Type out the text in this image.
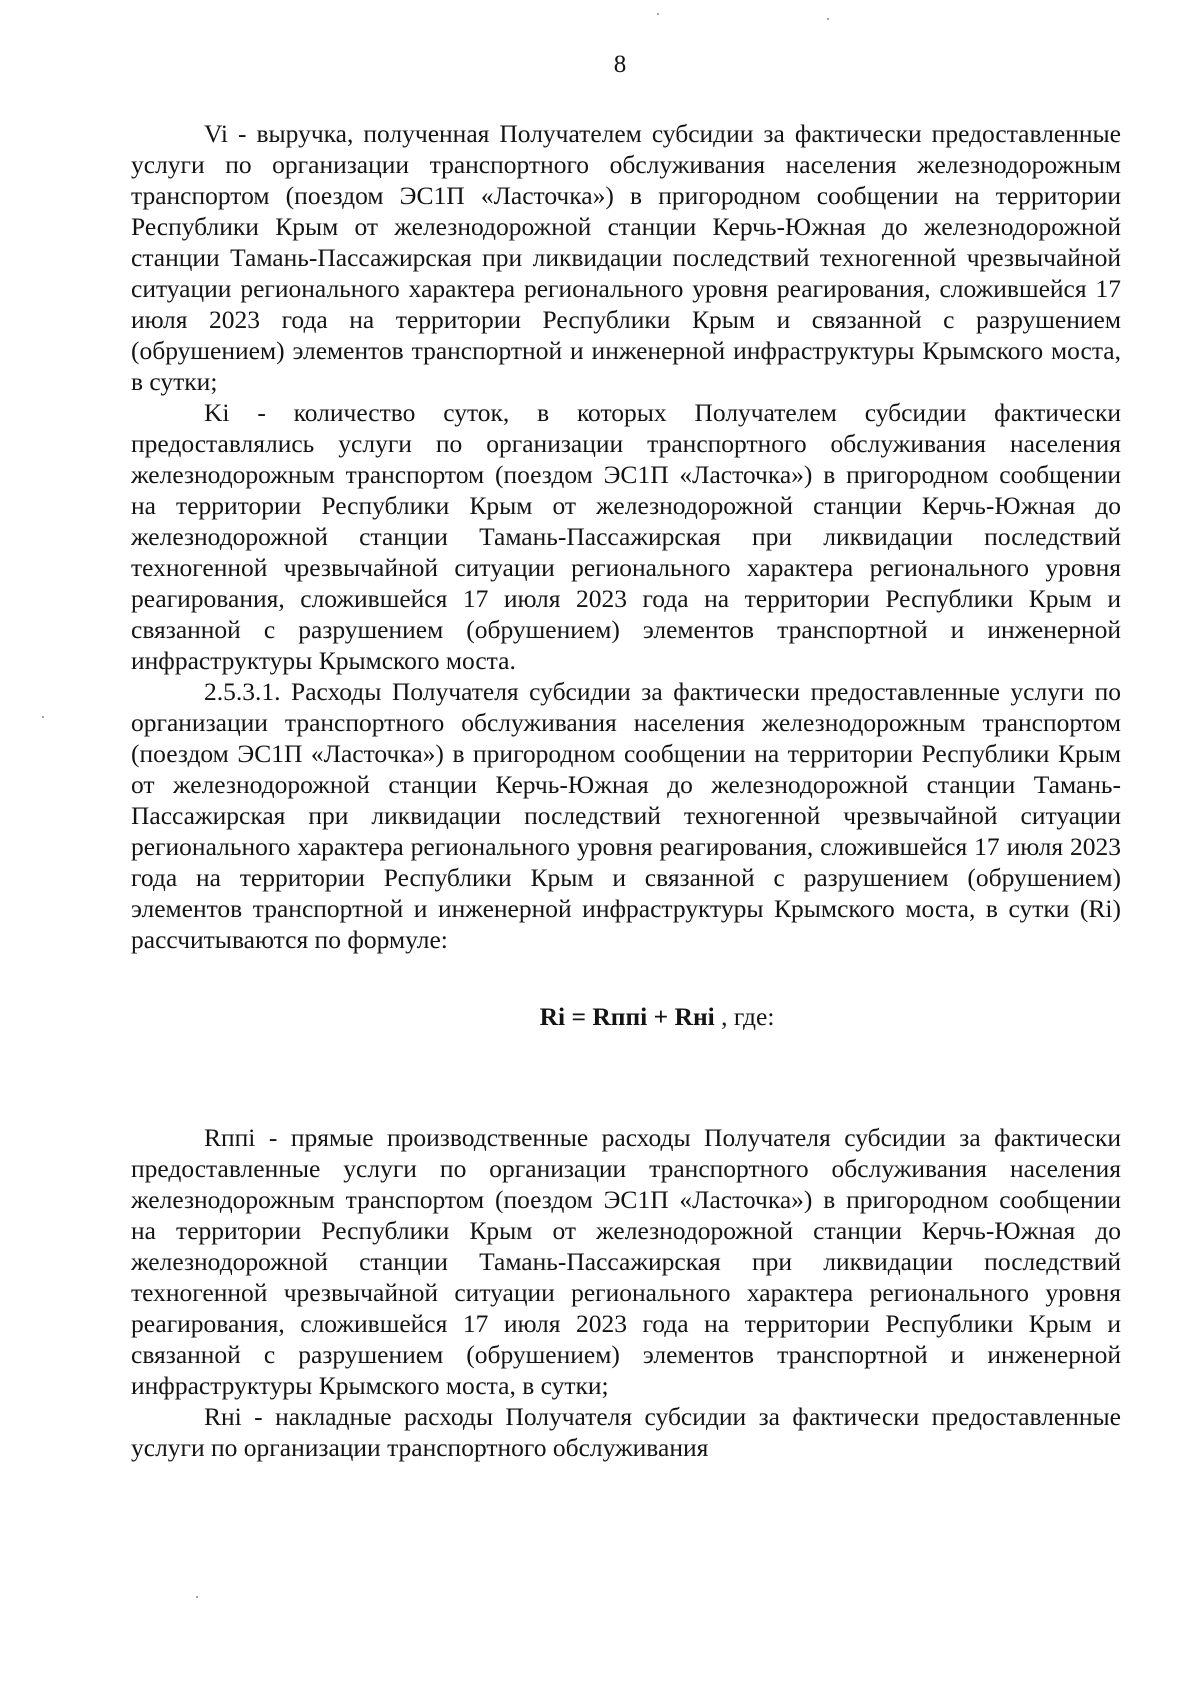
8

Vi - выручка, полученная Получателем субсидии за фактически предоставленные услуги по организации транспортного обслуживания населения железнодорожным транспортом (поездом ЭС1П «Ласточка») в пригородном сообщении на территории Республики Крым от железнодорожной станции Керчь-Южная до железнодорожной станции Тамань-Пассажирская при ликвидации последствий техногенной чрезвычайной ситуации регионального характера регионального уровня реагирования, сложившейся 17 июля 2023 года на территории Республики Крым и связанной с разрушением (обрушением) элементов транспортной и инженерной инфраструктуры Крымского моста, в сутки;

Ki - количество суток, в которых Получателем субсидии фактически предоставлялись услуги по организации транспортного обслуживания населения железнодорожным транспортом (поездом ЭС1П «Ласточка») в пригородном сообщении на территории Республики Крым от железнодорожной станции Керчь-Южная до железнодорожной станции Тамань-Пассажирская при ликвидации последствий техногенной чрезвычайной ситуации регионального характера регионального уровня реагирования, сложившейся 17 июля 2023 года на территории Республики Крым и связанной с разрушением (обрушением) элементов транспортной и инженерной инфраструктуры Крымского моста.

2.5.3.1. Расходы Получателя субсидии за фактически предоставленные услуги по организации транспортного обслуживания населения железнодорожным транспортом (поездом ЭС1П «Ласточка») в пригородном сообщении на территории Республики Крым от железнодорожной станции Керчь-Южная до железнодорожной станции Тамань-Пассажирская при ликвидации последствий техногенной чрезвычайной ситуации регионального характера регионального уровня реагирования, сложившейся 17 июля 2023 года на территории Республики Крым и связанной с разрушением (обрушением) элементов транспортной и инженерной инфраструктуры Крымского моста, в сутки (Ri) рассчитываются по формуле:

Ri = Rппi + Rнi , где:

Rппi - прямые производственные расходы Получателя субсидии за фактически предоставленные услуги по организации транспортного обслуживания населения железнодорожным транспортом (поездом ЭС1П «Ласточка») в пригородном сообщении на территории Республики Крым от железнодорожной станции Керчь-Южная до железнодорожной станции Тамань-Пассажирская при ликвидации последствий техногенной чрезвычайной ситуации регионального характера регионального уровня реагирования, сложившейся 17 июля 2023 года на территории Республики Крым и связанной с разрушением (обрушением) элементов транспортной и инженерной инфраструктуры Крымского моста, в сутки;

Rнi - накладные расходы Получателя субсидии за фактически предоставленные услуги по организации транспортного обслуживания
